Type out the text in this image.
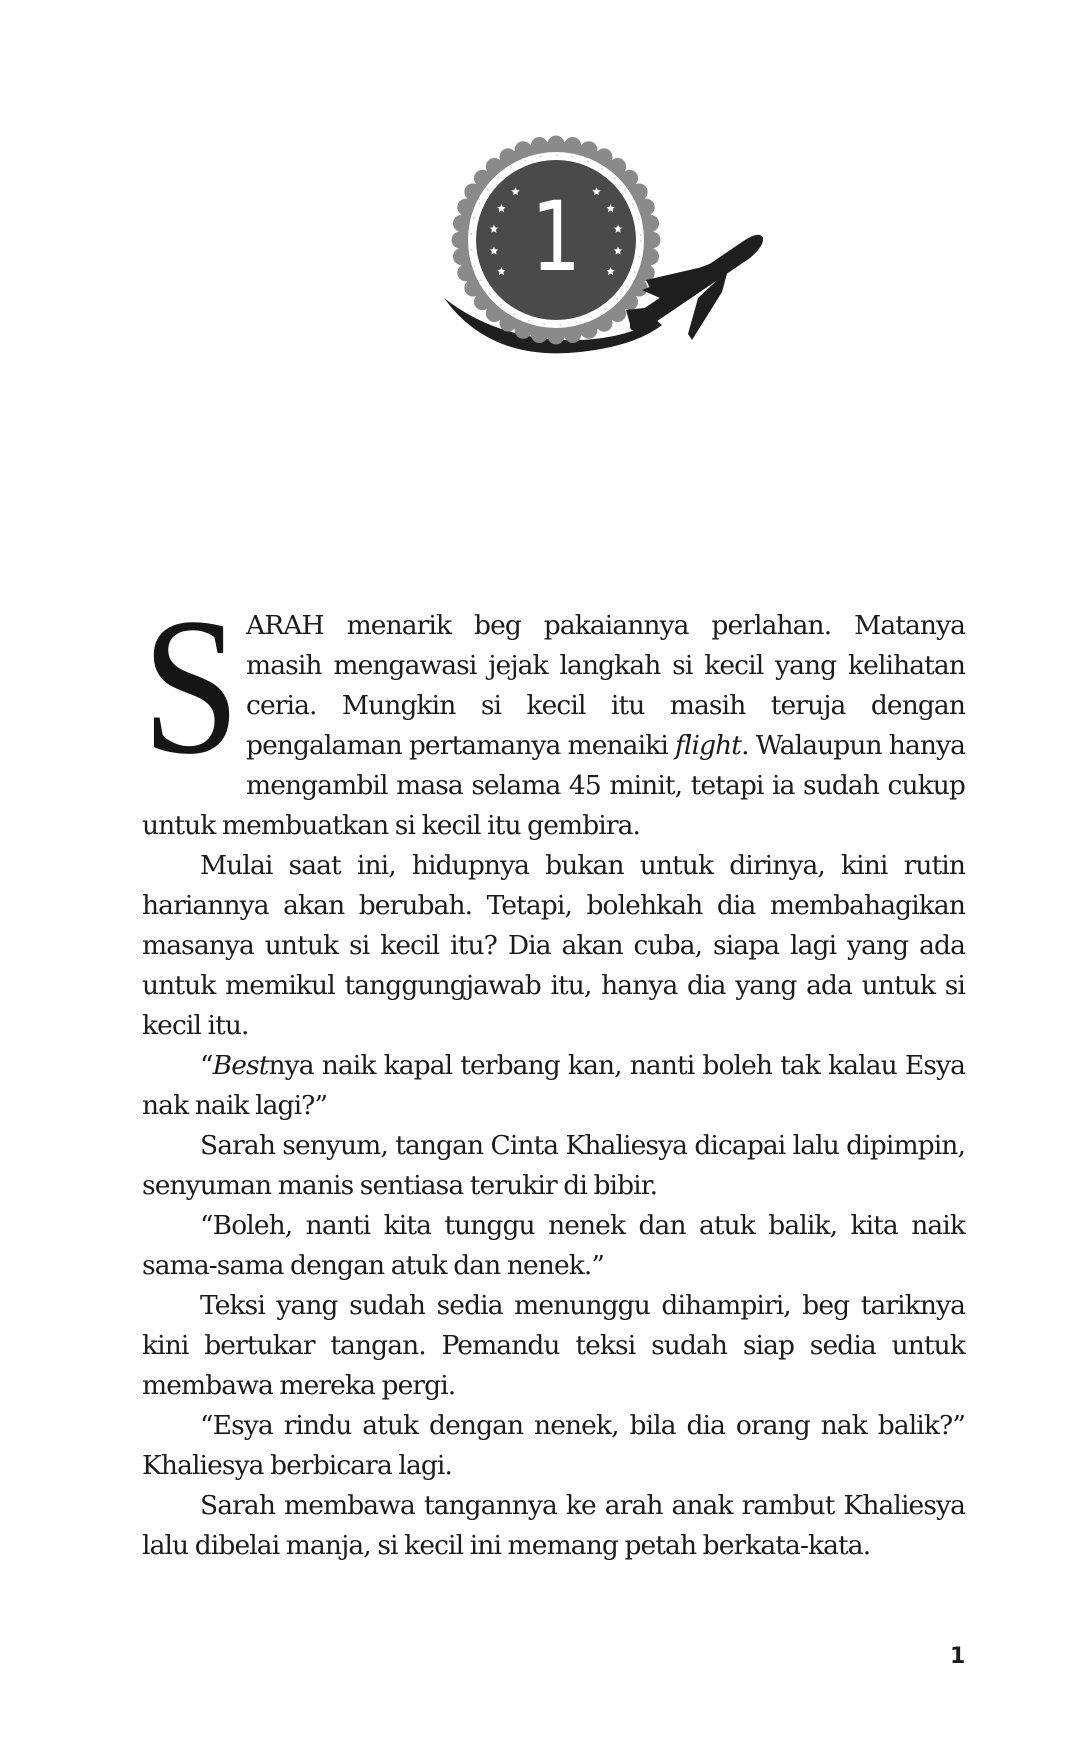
1

SARAH menarik beg pakaiannya perlahan. Matanya masih mengawasi jejak langkah si kecil yang kelihatan ceria. Mungkin si kecil itu masih teruja dengan pengalaman pertamanya menaiki flight. Walaupun hanya mengambil masa selama 45 minit, tetapi ia sudah cukup untuk membuatkan si kecil itu gembira.

Mulai saat ini, hidupnya bukan untuk dirinya, kini rutin hariannya akan berubah. Tetapi, bolehkah dia membahagikan masanya untuk si kecil itu? Dia akan cuba, siapa lagi yang ada untuk memikul tanggungjawab itu, hanya dia yang ada untuk si kecil itu.

“Bestnya naik kapal terbang kan, nanti boleh tak kalau Esya nak naik lagi?”

Sarah senyum, tangan Cinta Khaliesya dicapai lalu dipimpin, senyuman manis sentiasa terukir di bibir.

“Boleh, nanti kita tunggu nenek dan atuk balik, kita naik sama-sama dengan atuk dan nenek.”

Teksi yang sudah sedia menunggu dihampiri, beg tariknya kini bertukar tangan. Pemandu teksi sudah siap sedia untuk membawa mereka pergi.

“Esya rindu atuk dengan nenek, bila dia orang nak balik?” Khaliesya berbicara lagi.

Sarah membawa tangannya ke arah anak rambut Khaliesya lalu dibelai manja, si kecil ini memang petah berkata-kata.

1
